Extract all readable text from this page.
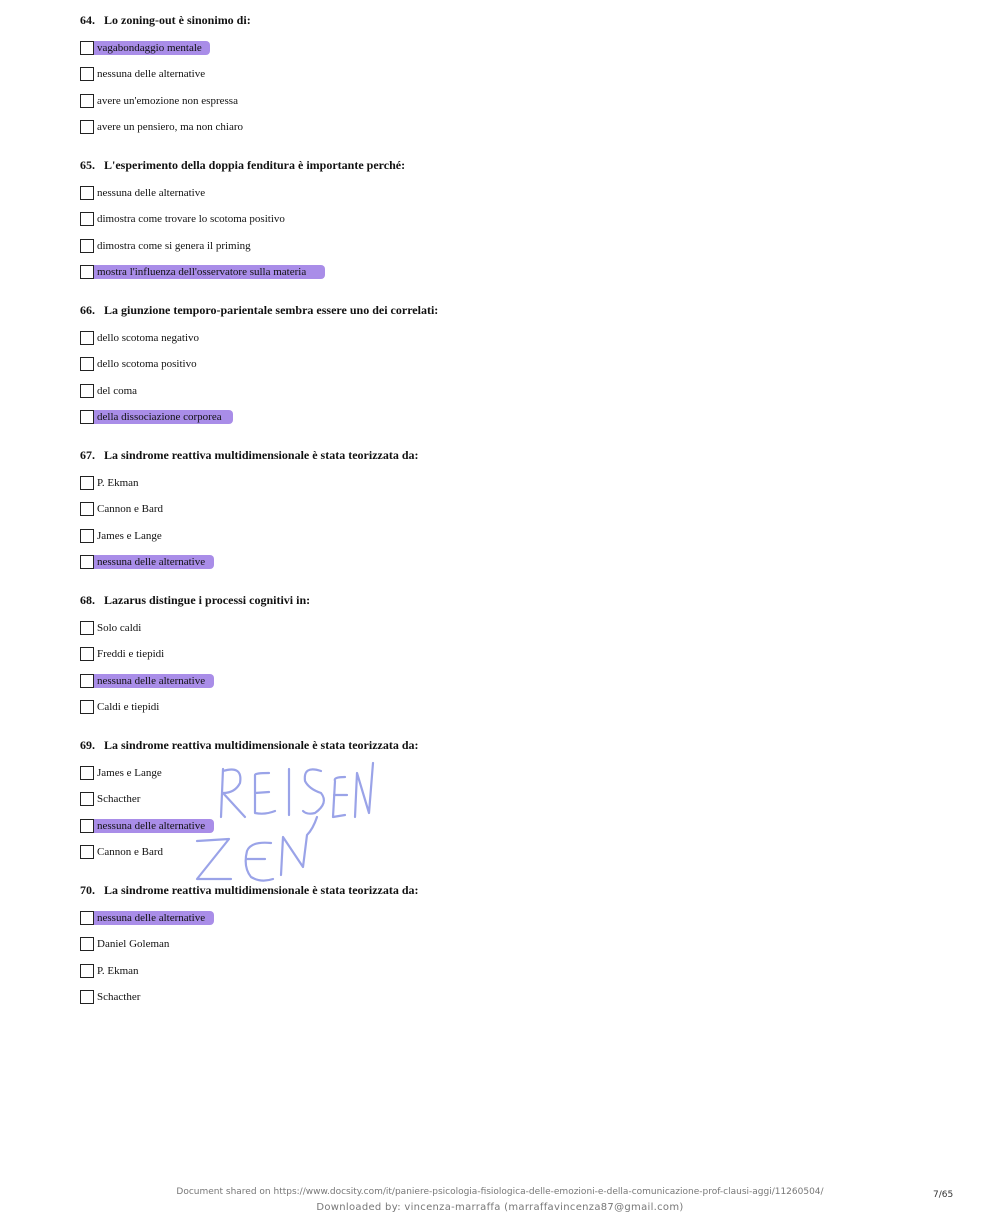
64. Lo zoning-out è sinonimo di:
vagabondaggio mentale
nessuna delle alternative
avere un'emozione non espressa
avere un pensiero, ma non chiaro
65. L'esperimento della doppia fenditura è importante perché:
nessuna delle alternative
dimostra come trovare lo scotoma positivo
dimostra come si genera il priming
mostra l'influenza dell'osservatore sulla materia
66. La giunzione temporo-parientale sembra essere uno dei correlati:
dello scotoma negativo
dello scotoma positivo
del coma
della dissociazione corporea
67. La sindrome reattiva multidimensionale è stata teorizzata da:
P. Ekman
Cannon e Bard
James e Lange
nessuna delle alternative
68. Lazarus distingue i processi cognitivi in:
Solo caldi
Freddi e tiepidi
nessuna delle alternative
Caldi e tiepidi
69. La sindrome reattiva multidimensionale è stata teorizzata da:
James e Lange
Schacther
nessuna delle alternative
Cannon e Bard
70. La sindrome reattiva multidimensionale è stata teorizzata da:
nessuna delle alternative
Daniel Goleman
P. Ekman
Schacther
Document shared on https://www.docsity.com/it/paniere-psicologia-fisiologica-delle-emozioni-e-della-comunicazione-prof-clausi-aggi/11260504/
Downloaded by: vincenza-marraffa (marraffavincenza87@gmail.com)
7/65
